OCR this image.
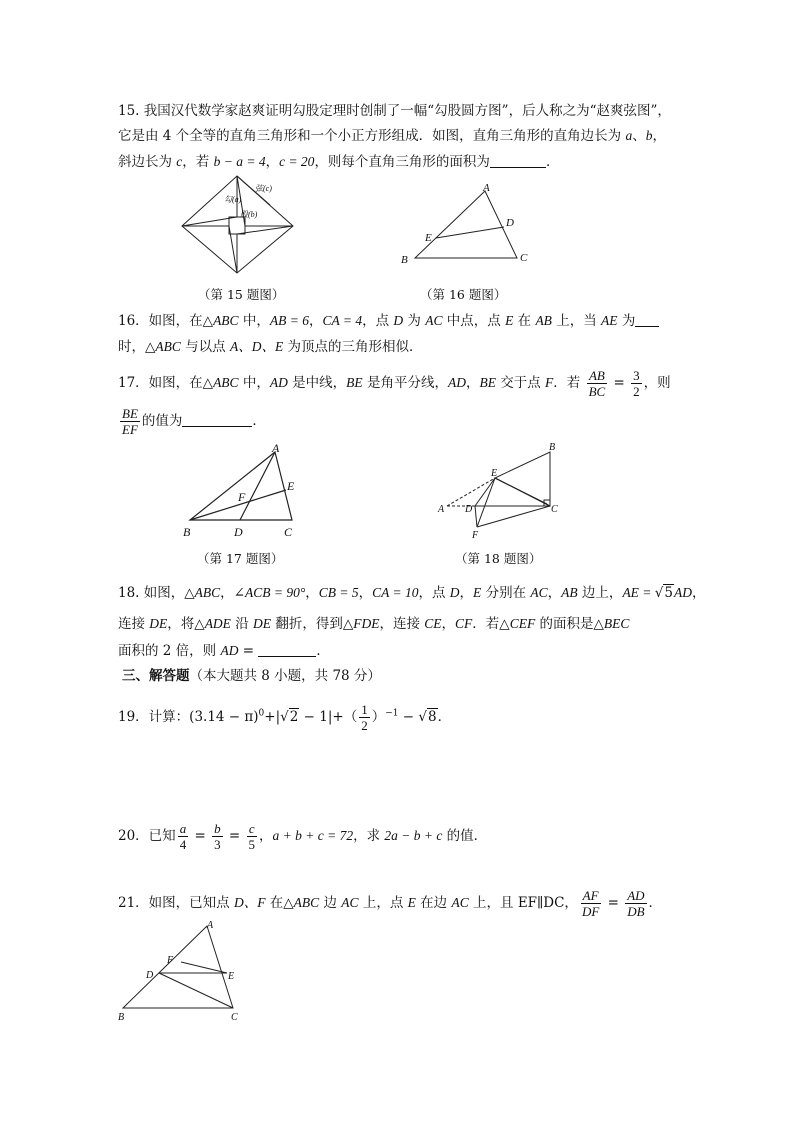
15. 我国汉代数学家赵爽证明勾股定理时创制了一幅“勾股圆方图”，后人称之为“赵爽弦图”，
它是由 4 个全等的直角三角形和一个小正方形组成．如图，直角三角形的直角边长为 a、b，
斜边长为 c，若 b − a = 4，c = 20，则每个直角三角形的面积为	．
弦(c)
勾(a)
股(b)
（第 15 题图）
A
B	C
D
E
（第 16 题图）
16．如图，在△ABC 中，AB = 6，CA = 4，点 D 为 AC 中点，点 E 在 AB 上，当 AE 为
时，△ABC 与以点 A、D、E 为顶点的三角形相似．
17．如图，在△ABC 中，AD 是中线，BE 是角平分线，AD，BE 交于点 F．若 $\frac{AB}{BC} = \frac{3}{2}$ ，则
$\frac{BE}{EF}$ 的值为	．
A
B	C
D
E
F
（第 17 题图）
B
C
A D
E
F
（第 18 题图）
18. 如图，△ABC，∠ACB = 90°，CB = 5，CA = 10，点 D，E 分别在 AC，AB 边上，AE = √5AD，
连接 DE，将△ADE 沿 DE 翻折，得到△FDE，连接 CE，CF．若△CEF 的面积是△BEC
面积的 2 倍，则 AD =	．
三、解答题（本大题共 8 小题，共 78 分）
19．计算：$(3.14 - \pi)^0+|√2 - 1|+( \frac{1}{2} )^{-1} - √8$．
20．已知 $\frac{a}{4} = \frac{b}{3} = \frac{c}{5}$ ，a + b + c = 72，求 2a − b + c 的值．
21．如图，已知点 D、F 在△ABC 边 AC 上，点 E 在边 AC 上，且 EF∥DC， $\frac{AF}{DF} = \frac{AD}{DB}$ ．
A
B	C
D	E
F
